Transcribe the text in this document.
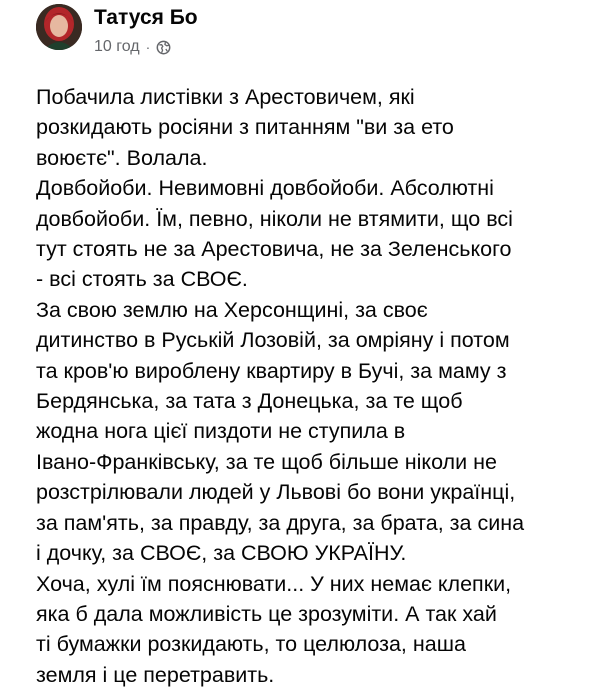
Татуся Бо
10 год ·
Побачила листівки з Арестовичем, які
розкидають росіяни з питанням "ви за ето
воюєтє". Волала.
Довбойоби. Невимовні довбойоби. Абсолютні
довбойоби. Їм, певно, ніколи не втямити, що всі
тут стоять не за Арестовича, не за Зеленського
- всі стоять за СВОЄ.
За свою землю на Херсонщині, за своє
дитинство в Руській Лозовій, за омріяну і потом
та кров'ю вироблену квартиру в Бучі, за маму з
Бердянська, за тата з Донецька, за те щоб
жодна нога цієї пиздоти не ступила в
Івано-Франківську, за те щоб більше ніколи не
розстрілювали людей у Львові бо вони українці,
за пам'ять, за правду, за друга, за брата, за сина
і дочку, за СВОЄ, за СВОЮ УКРАЇНУ.
Хоча, хулі їм пояснювати... У них немає клепки,
яка б дала можливість це зрозуміти. А так хай
ті бумажки розкидають, то целюлоза, наша
земля і це перетравить.
